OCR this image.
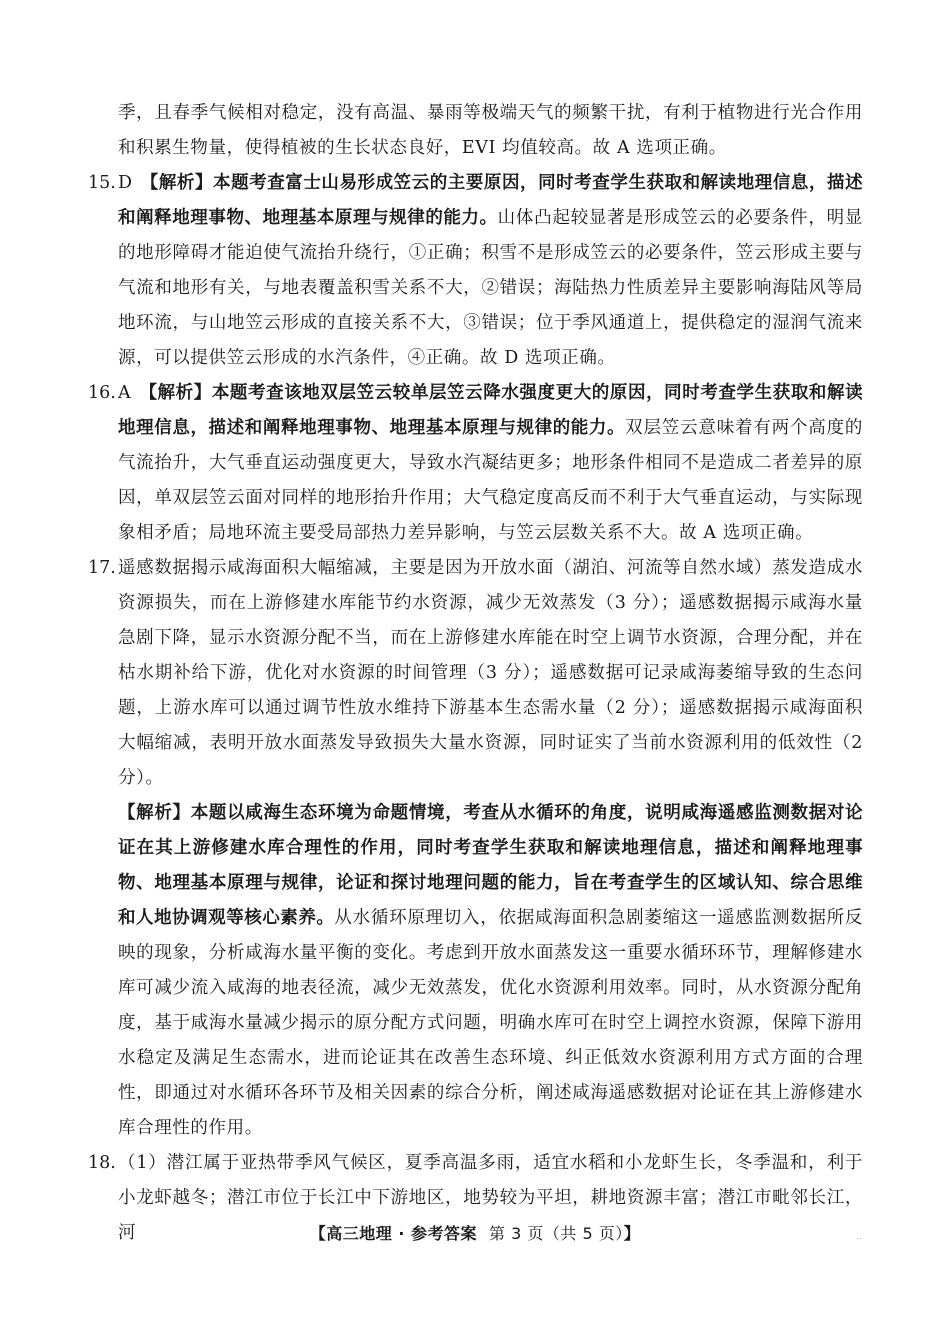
季，且春季气候相对稳定，没有高温、暴雨等极端天气的频繁干扰，有利于植物进行光合作用和积累生物量，使得植被的生长状态良好，EVI 均值较高。故 A 选项正确。

15. D 【解析】本题考查富士山易形成笠云的主要原因，同时考查学生获取和解读地理信息，描述和阐释地理事物、地理基本原理与规律的能力。山体凸起较显著是形成笠云的必要条件，明显的地形障碍才能迫使气流抬升绕行，①正确；积雪不是形成笠云的必要条件，笠云形成主要与气流和地形有关，与地表覆盖积雪关系不大，②错误；海陆热力性质差异主要影响海陆风等局地环流，与山地笠云形成的直接关系不大，③错误；位于季风通道上，提供稳定的湿润气流来源，可以提供笠云形成的水汽条件，④正确。故 D 选项正确。

16. A 【解析】本题考查该地双层笠云较单层笠云降水强度更大的原因，同时考查学生获取和解读地理信息，描述和阐释地理事物、地理基本原理与规律的能力。双层笠云意味着有两个高度的气流抬升，大气垂直运动强度更大，导致水汽凝结更多；地形条件相同不是造成二者差异的原因，单双层笠云面对同样的地形抬升作用；大气稳定度高反而不利于大气垂直运动，与实际现象相矛盾；局地环流主要受局部热力差异影响，与笠云层数关系不大。故 A 选项正确。

17. 遥感数据揭示咸海面积大幅缩减，主要是因为开放水面（湖泊、河流等自然水域）蒸发造成水资源损失，而在上游修建水库能节约水资源，减少无效蒸发（3 分）；遥感数据揭示咸海水量急剧下降，显示水资源分配不当，而在上游修建水库能在时空上调节水资源，合理分配，并在枯水期补给下游，优化对水资源的时间管理（3 分）；遥感数据可记录咸海萎缩导致的生态问题，上游水库可以通过调节性放水维持下游基本生态需水量（2 分）；遥感数据揭示咸海面积大幅缩减，表明开放水面蒸发导致损失大量水资源，同时证实了当前水资源利用的低效性（2 分）。

【解析】本题以咸海生态环境为命题情境，考查从水循环的角度，说明咸海遥感监测数据对论证在其上游修建水库合理性的作用，同时考查学生获取和解读地理信息，描述和阐释地理事物、地理基本原理与规律，论证和探讨地理问题的能力，旨在考查学生的区域认知、综合思维和人地协调观等核心素养。从水循环原理切入，依据咸海面积急剧萎缩这一遥感监测数据所反映的现象，分析咸海水量平衡的变化。考虑到开放水面蒸发这一重要水循环环节，理解修建水库可减少流入咸海的地表径流，减少无效蒸发，优化水资源利用效率。同时，从水资源分配角度，基于咸海水量减少揭示的原分配方式问题，明确水库可在时空上调控水资源，保障下游用水稳定及满足生态需水，进而论证其在改善生态环境、纠正低效水资源利用方式方面的合理性，即通过对水循环各环节及相关因素的综合分析，阐述咸海遥感数据对论证在其上游修建水库合理性的作用。

18. （1）潜江属于亚热带季风气候区，夏季高温多雨，适宜水稻和小龙虾生长，冬季温和，利于小龙虾越冬；潜江市位于长江中下游地区，地势较为平坦，耕地资源丰富；潜江市毗邻长江，河	【高三地理 · 参考答案 第 3 页（共 5 页）】	..
